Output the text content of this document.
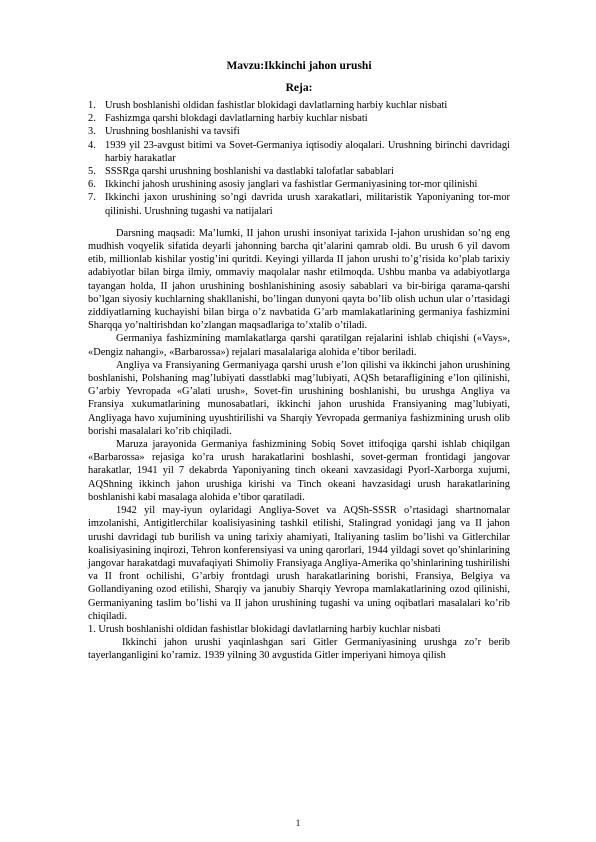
Mavzu:Ikkinchi jahon urushi
Reja:
1. Urush boshlanishi oldidan fashistlar blokidagi davlatlarning harbiy kuchlar nisbati
2. Fashizmga qarshi blokdagi davlatlarning harbiy kuchlar nisbati
3. Urushning boshlanishi va tavsifi
4. 1939 yil 23-avgust bitimi va Sovet-Germaniya iqtisodiy aloqalari. Urushning birinchi davridagi harbiy harakatlar
5. SSSRga qarshi urushning boshlanishi va dastlabki talofatlar sabablari
6. Ikkinchi jahosh urushining asosiy janglari va fashistlar Germaniyasining tor-mor qilinishi
7. Ikkinchi jaxon urushining so’ngi davrida urush xarakatlari, militaristik Yaponiyaning tor-mor qilinishi. Urushning tugashi va natijalari

Darsning maqsadi: Ma’lumki, II jahon urushi insoniyat tarixida I-jahon urushidan so’ng eng mudhish voqyelik sifatida deyarli jahonning barcha qit’alarini qamrab oldi. Bu urush 6 yil davom etib, millionlab kishilar yostig’ini quritdi. Keyingi yillarda II jahon urushi to’g’risida ko’plab tarixiy adabiyotlar bilan birga ilmiy, ommaviy maqolalar nashr etilmoqda. Ushbu manba va adabiyotlarga tayangan holda, II jahon urushining boshlanishining asosiy sabablari va bir-biriga qarama-qarshi bo’lgan siyosiy kuchlarning shakllanishi, bo’lingan dunyoni qayta bo’lib olish uchun ular o’rtasidagi ziddiyatlarning kuchayishi bilan birga o’z navbatida G’arb mamlakatlarining germaniya fashizmini Sharqqa yo’naltirishdan ko’zlangan maqsadlariga to’xtalib o’tiladi.

Germaniya fashizmining mamlakatlarga qarshi qaratilgan rejalarini ishlab chiqishi («Vays», «Dengiz nahangi», «Barbarossa») rejalari masalalariga alohida e’tibor beriladi.

Angliya va Fransiyaning Germaniyaga qarshi urush e’lon qilishi va ikkinchi jahon urushining boshlanishi, Polshaning mag’lubiyati dasstlabki mag’lubiyati, AQSh betarafligining e’lon qilinishi, G’arbiy Yevropada «G’alati urush», Sovet-fin urushining boshlanishi, bu urushga Angliya va Fransiya xukumatlarining munosabatlari, ikkinchi jahon urushida Fransiyaning mag’lubiyati, Angliyaga havo xujumining uyushtirilishi va Sharqiy Yevropada germaniya fashizmining urush olib borishi masalalari ko’rib chiqiladi.

Maruza jarayonida Germaniya fashizmining Sobiq Sovet ittifoqiga qarshi ishlab chiqilgan «Barbarossa» rejasiga ko’ra urush harakatlarini boshlashi, sovet-german frontidagi jangovar harakatlar, 1941 yil 7 dekabrda Yaponiyaning tinch okeani xavzasidagi Pyorl-Xarborga xujumi, AQShning ikkinch jahon urushiga kirishi va Tinch okeani havzasidagi urush harakatlarining boshlanishi kabi masalaga alohida e’tibor qaratiladi.

1942 yil may-iyun oylaridagi Angliya-Sovet va AQSh-SSSR o’rtasidagi shartnomalar imzolanishi, Antigitlerchilar koalisiyasining tashkil etilishi, Stalingrad yonidagi jang va II jahon urushi davridagi tub burilish va uning tarixiy ahamiyati, Italiyaning taslim bo’lishi va Gitlerchilar koalisiyasining inqirozi, Tehron konferensiyasi va uning qarorlari, 1944 yildagi sovet qo’shinlarining jangovar harakatdagi muvafaqiyati Shimoliy Fransiyaga Angliya-Amerika qo’shinlarining tushirilishi va II front ochilishi, G’arbiy frontdagi urush harakatlarining borishi, Fransiya, Belgiya va Gollandiyaning ozod etilishi, Sharqiy va janubiy Sharqiy Yevropa mamlakatlarining ozod qilinishi, Germaniyaning taslim bo’lishi va II jahon urushining tugashi va uning oqibatlari masalalari ko’rib chiqiladi.

1. Urush boshlanishi oldidan fashistlar blokidagi davlatlarning harbiy kuchlar nisbati

Ikkinchi jahon urushi yaqinlashgan sari Gitler Germaniyasining urushga zo’r berib tayerlanganligini ko’ramiz. 1939 yilning 30 avgustida Gitler imperiyani himoya qilish

1
